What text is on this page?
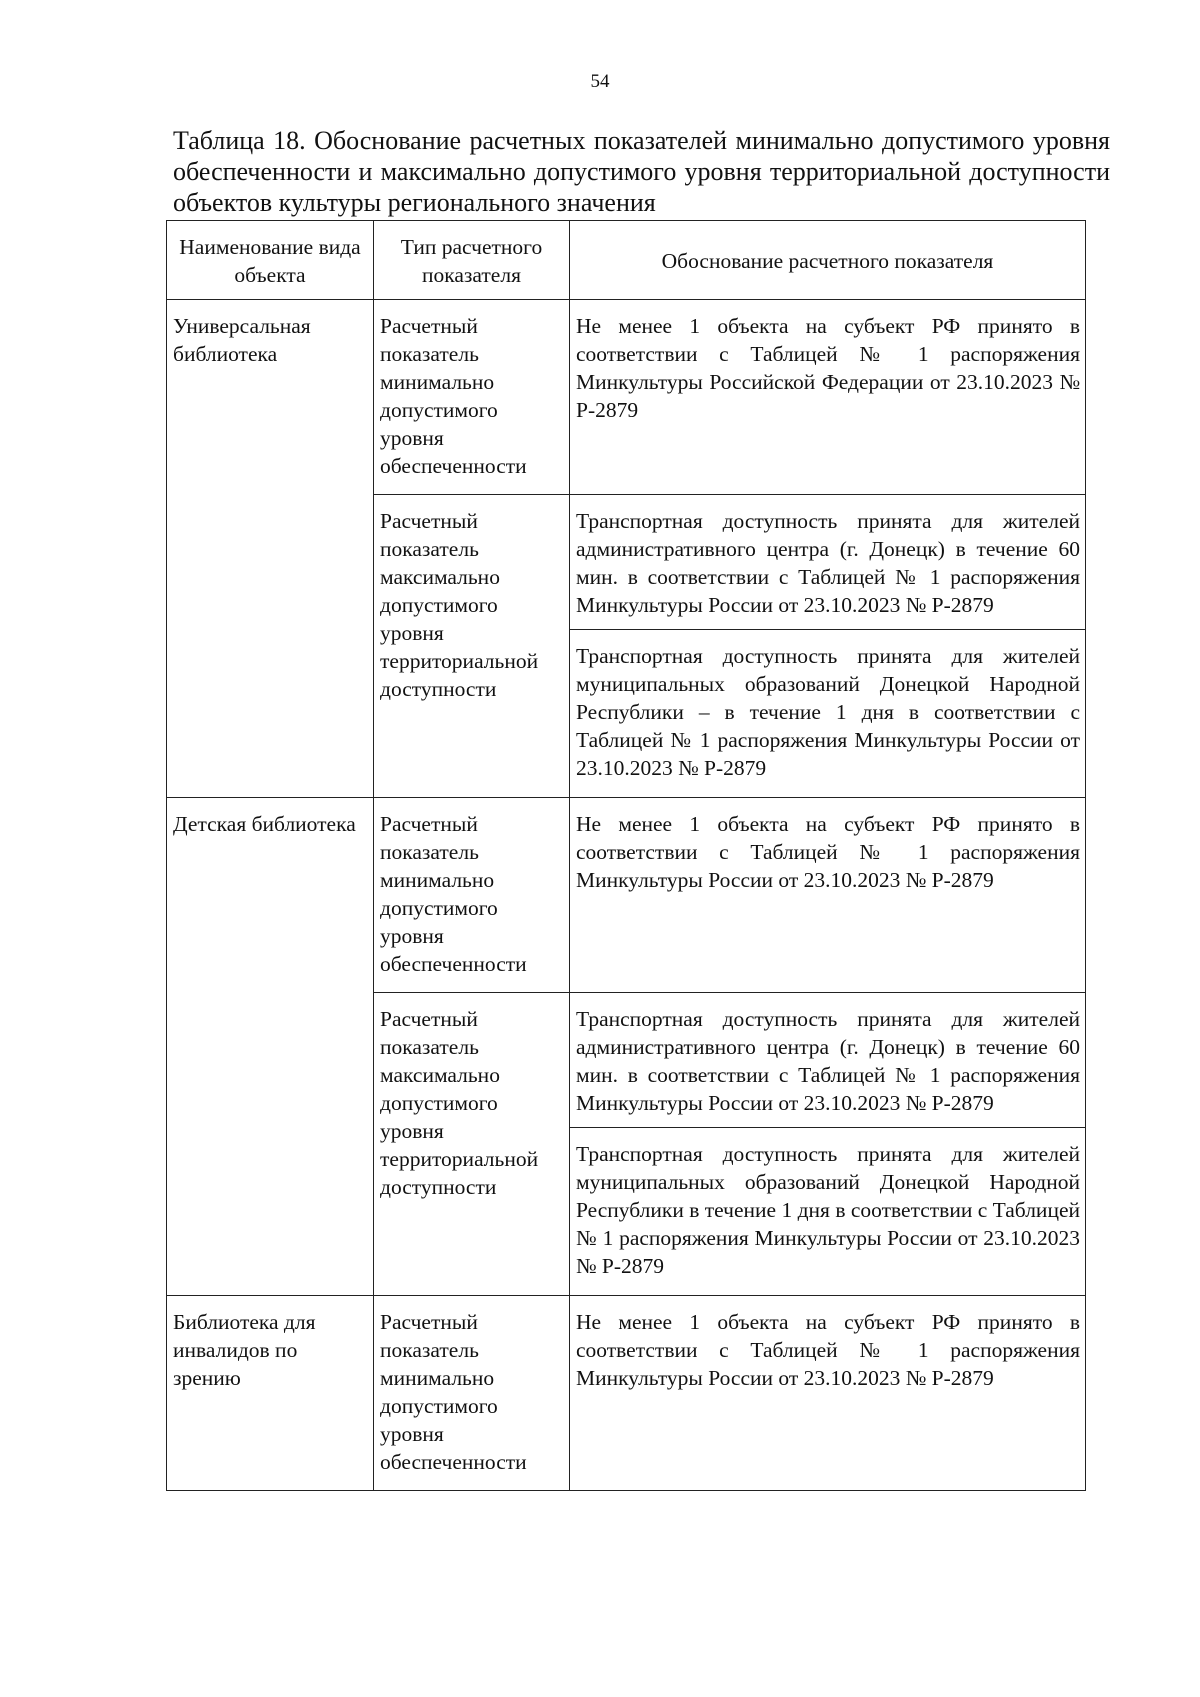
54
Таблица 18. Обоснование расчетных показателей минимально допустимого уровня обеспеченности и максимально допустимого уровня территориальной доступности объектов культуры регионального значения
Наименование вида объекта	Тип расчетного показателя	Обоснование расчетного показателя
Универсальная библиотека	Расчетный показатель минимально допустимого уровня обеспеченности	Не менее 1 объекта на субъект РФ принято в соответствии с Таблицей № 1 распоряжения Минкультуры Российской Федерации от 23.10.2023 № Р-2879
	Расчетный показатель максимально допустимого уровня территориальной доступности	Транспортная доступность принята для жителей административного центра (г. Донецк) в течение 60 мин. в соответствии с Таблицей № 1 распоряжения Минкультуры России от 23.10.2023 № Р-2879
		Транспортная доступность принята для жителей муниципальных образований Донецкой Народной Республики – в течение 1 дня в соответствии с Таблицей № 1 распоряжения Минкультуры России от 23.10.2023 № Р-2879
Детская библиотека	Расчетный показатель минимально допустимого уровня обеспеченности	Не менее 1 объекта на субъект РФ принято в соответствии с Таблицей № 1 распоряжения Минкультуры России от 23.10.2023 № Р-2879
	Расчетный показатель максимально допустимого уровня территориальной доступности	Транспортная доступность принята для жителей административного центра (г. Донецк) в течение 60 мин. в соответствии с Таблицей № 1 распоряжения Минкультуры России от 23.10.2023 № Р-2879
		Транспортная доступность принята для жителей муниципальных образований Донецкой Народной Республики в течение 1 дня в соответствии с Таблицей № 1 распоряжения Минкультуры России от 23.10.2023 № Р-2879
Библиотека для инвалидов по зрению	Расчетный показатель минимально допустимого уровня обеспеченности	Не менее 1 объекта на субъект РФ принято в соответствии с Таблицей № 1 распоряжения Минкультуры России от 23.10.2023 № Р-2879
